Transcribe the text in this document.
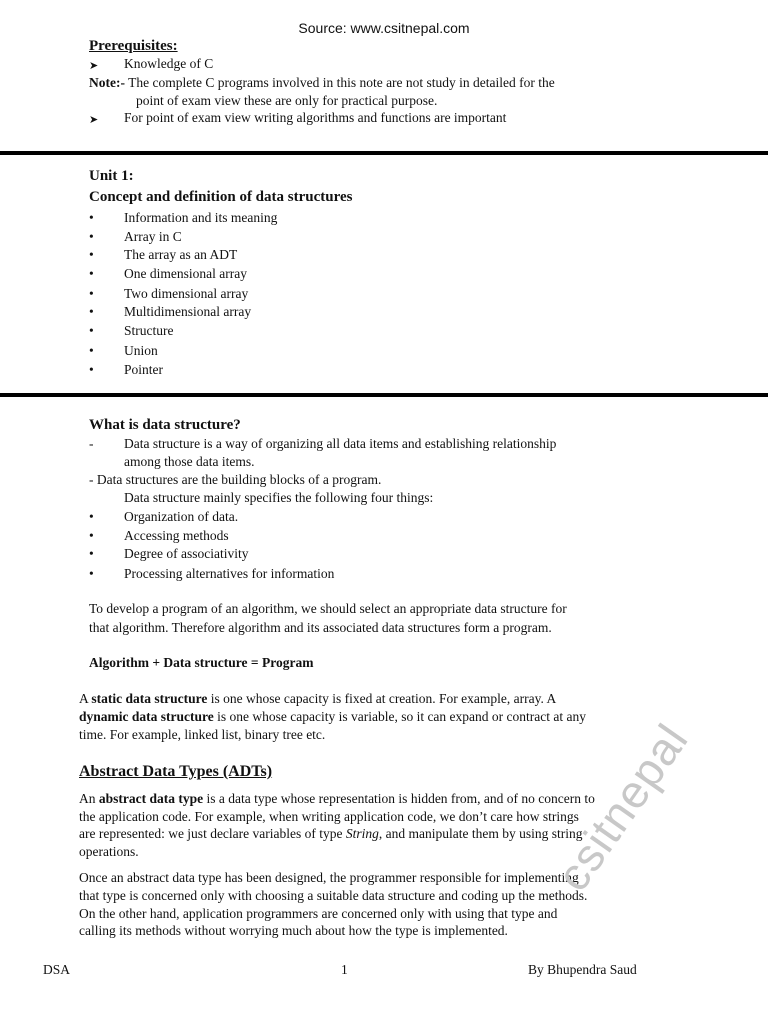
Source: www.csitnepal.com
Prerequisites:
➤ Knowledge of C
Note:- The complete C programs involved in this note are not study in detailed for the
point of exam view these are only for practical purpose.
➤ For point of exam view writing algorithms and functions are important
Unit 1:
Concept and definition of data structures
• Information and its meaning
• Array in C
• The array as an ADT
• One dimensional array
• Two dimensional array
• Multidimensional array
• Structure
• Union
• Pointer
What is data structure?
- Data structure is a way of organizing all data items and establishing relationship
among those data items.
- Data structures are the building blocks of a program.
Data structure mainly specifies the following four things:
• Organization of data.
• Accessing methods
• Degree of associativity
• Processing alternatives for information
To develop a program of an algorithm, we should select an appropriate data structure for
that algorithm. Therefore algorithm and its associated data structures form a program.
Algorithm + Data structure = Program
A static data structure is one whose capacity is fixed at creation. For example, array. A
dynamic data structure is one whose capacity is variable, so it can expand or contract at any
time. For example, linked list, binary tree etc.
Abstract Data Types (ADTs)
An abstract data type is a data type whose representation is hidden from, and of no concern to
the application code. For example, when writing application code, we don’t care how strings
are represented: we just declare variables of type String, and manipulate them by using string
operations.
Once an abstract data type has been designed, the programmer responsible for implementing
that type is concerned only with choosing a suitable data structure and coding up the methods.
On the other hand, application programmers are concerned only with using that type and
calling its methods without worrying much about how the type is implemented.
DSA	1	By Bhupendra Saud
csitnepal
